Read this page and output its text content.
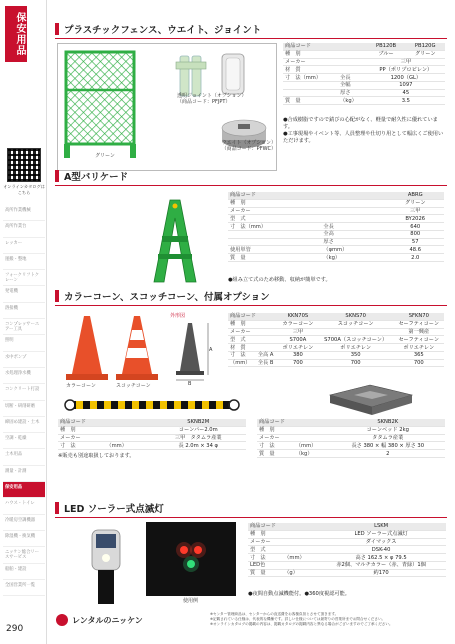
保安用品
オンラインカタログはこちら
高所作業機械
高所作業台
レッカー
運搬・整地
フォークリフトクレーン
発電機
溶接機
コンプレッサーエアー工具
照明
水中ポンプ
水処理浄水機
コンクリート打設
切断・研削研磨
締固め建設・土木
空調・乾燥
土木用品
測量・計測
保安用品
ハウス・トイレ
冷暖房空調機器
除湿機・換気機
ニッケン総合リースサービス
船舶・建設
全国営業所一覧
290
プラスチックフェンス、ウエイト、ジョイント
グリーン
透明ジョイント（オプション）
（商品コード：PFJPT）
ウエイト（オプション）
（商品コード：PFWC）
商品コード		PB120B	PB120G
種　別		ブルー	グリーン
メーカー		三甲	
材　質		PP（ポリプロピレン）	
寸　法（mm）	全長	1200（GL）	
	全幅	1097	
	厚さ	45	
質　量	（kg）	3.5	
●合成樹脂ですので錆びの心配がなく、軽量で耐久性に優れています。
●工事現場やイベント等、人員整理や仕切り用として幅広くご使用いただけます。
A型バリケード
商品コード		ABRG
種　別		グリーン
メーカー		三甲
型　式		BY2026
寸　法（mm）	全長	640
	全高	800
	厚さ	57
使用単管	（φmm）	48.6
質　量	（kg）	2.0
●組み立て式のため移動、収納が簡単です。
カラーコーン、スコッチコーン、付属オプション
カラーコーン	スコッチコーン
外形図
A
B
商品コード		KKN70S	SKNS70	SFKN70
種　別		カラーコーン	スコッチコーン	セーフティコーン
メーカー		三甲		第一興産
型　式		S700A	S700A（スコッチコーン）	セーフティコーン
材　質		ポリエチレン	ポリエチレン	ポリエチレン
寸　法	全高 A	380	350	365
（mm）	全長 B	700	700	700
商品コード		SKNB2M
種　別		コーンバー2.0m
メーカー		三甲　タタムラ産業
寸　法	（mm）	長 2.0m × 34 φ
※販売も別途取扱しております。
商品コード		SKNB2K
種　別		コーンベッド 2kg
メーカー		タタムラ産業
寸　法	（mm）	長さ 380 × 幅 380 × 厚さ 30
質　量	（kg）	2
LED ソーラー式点滅灯
使用例
商品コード		LSKM
種　別		LED ソーラー式点滅灯
メーカー		ダイマックス
型　式		DSK-40
寸　法	（mm）	高さ 162.5 × φ 79.5
LED色		赤2個、マルチカラー（赤、青緑）1個
質　量	（g）	約170
●夜間自動点滅機能付。●360度視認可能。
レンタルのニッケン
※センター管理商品は、センターからの直送費をお客様負担とさせて頂きます。
※記載されている仕様は、代表的な機種です。詳しい仕様については最寄りの営業所までお問合せください。
※オンラインカタログの掲載の内容は、掲載カタログの掲載内容と異なる場合がございますのでご了承ください。
